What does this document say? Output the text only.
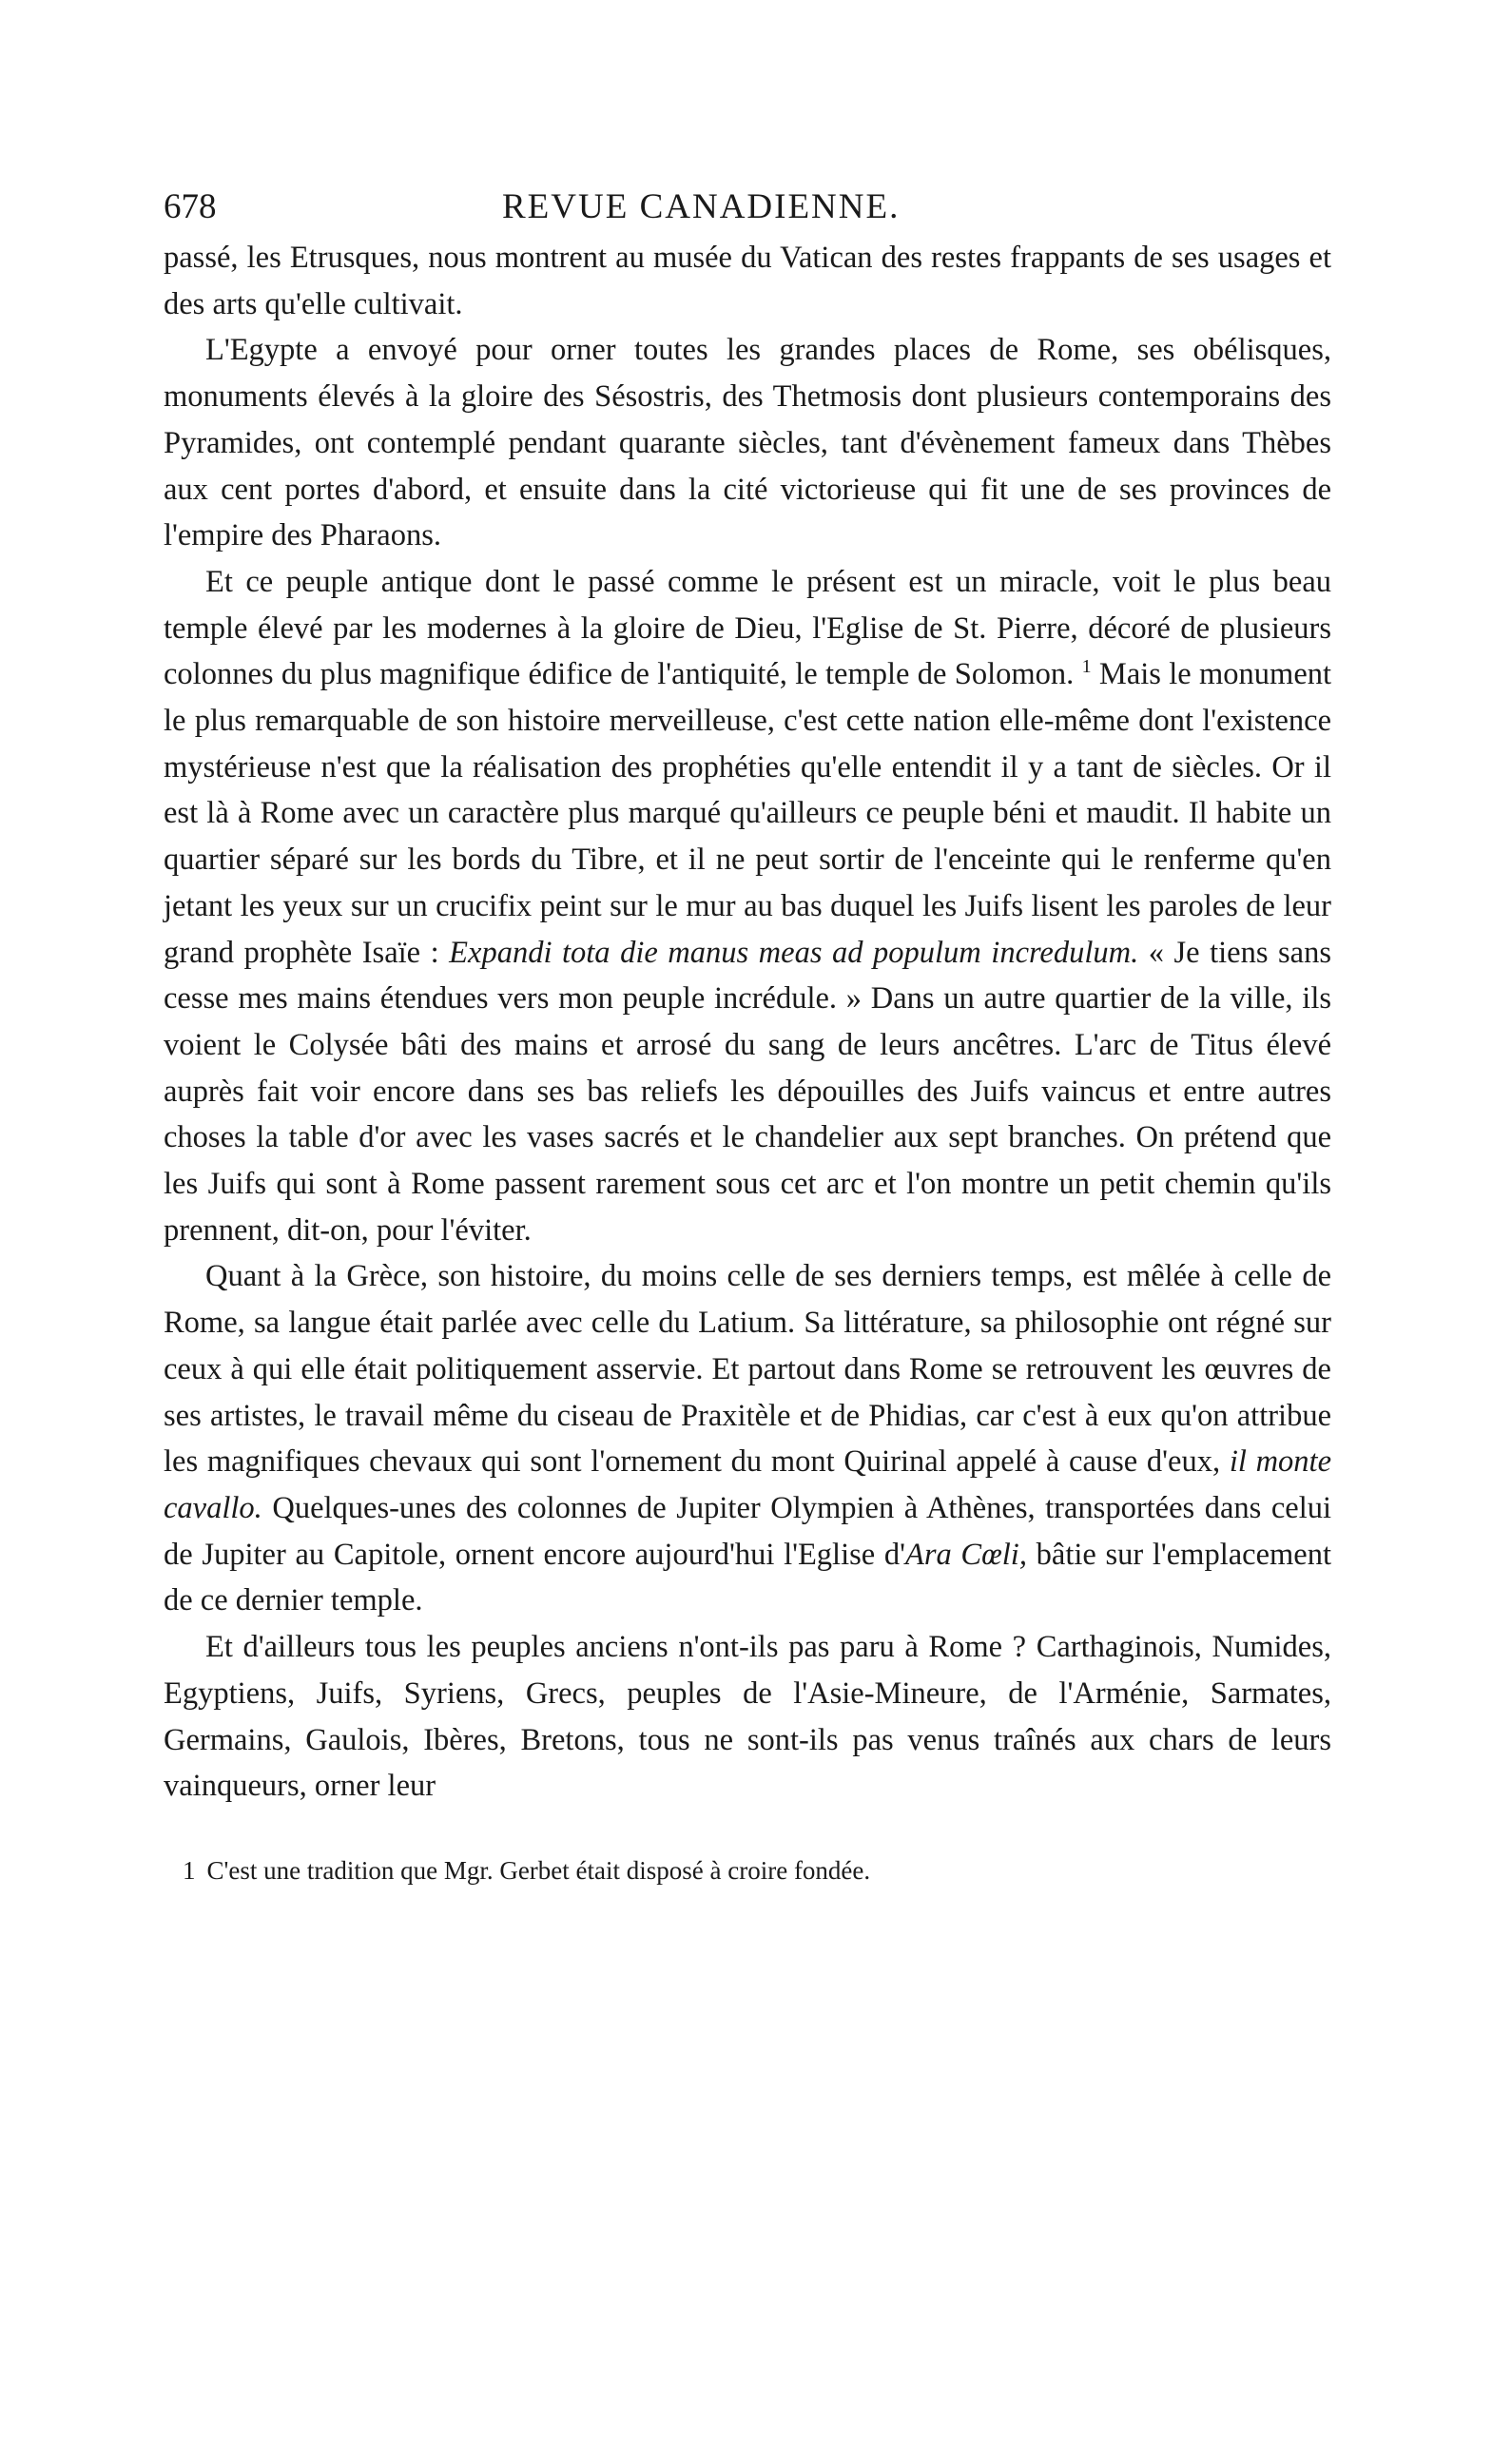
678	REVUE CANADIENNE.

passé, les Etrusques, nous montrent au musée du Vatican des restes frappants de ses usages et des arts qu'elle cultivait.

L'Egypte a envoyé pour orner toutes les grandes places de Rome, ses obélisques, monuments élevés à la gloire des Sésostris, des Thetmosis dont plusieurs contemporains des Pyramides, ont contemplé pendant quarante siècles, tant d'évènement fameux dans Thèbes aux cent portes d'abord, et ensuite dans la cité victorieuse qui fit une de ses provinces de l'empire des Pharaons.

Et ce peuple antique dont le passé comme le présent est un miracle, voit le plus beau temple élevé par les modernes à la gloire de Dieu, l'Eglise de St. Pierre, décoré de plusieurs colonnes du plus magnifique édifice de l'antiquité, le temple de Solomon. $^1$ Mais le monument le plus remarquable de son histoire merveilleuse, c'est cette nation elle-même dont l'existence mystérieuse n'est que la réalisation des prophéties qu'elle entendit il y a tant de siècles. Or il est là à Rome avec un caractère plus marqué qu'ailleurs ce peuple béni et maudit. Il habite un quartier séparé sur les bords du Tibre, et il ne peut sortir de l'enceinte qui le renferme qu'en jetant les yeux sur un crucifix peint sur le mur au bas duquel les Juifs lisent les paroles de leur grand prophète Isaïe : Expandi tota die manus meas ad populum incredulum. « Je tiens sans cesse mes mains étendues vers mon peuple incrédule. » Dans un autre quartier de la ville, ils voient le Colysée bâti des mains et arrosé du sang de leurs ancêtres. L'arc de Titus élevé auprès fait voir encore dans ses bas reliefs les dépouilles des Juifs vaincus et entre autres choses la table d'or avec les vases sacrés et le chandelier aux sept branches. On prétend que les Juifs qui sont à Rome passent rarement sous cet arc et l'on montre un petit chemin qu'ils prennent, dit-on, pour l'éviter.

Quant à la Grèce, son histoire, du moins celle de ses derniers temps, est mêlée à celle de Rome, sa langue était parlée avec celle du Latium. Sa littérature, sa philosophie ont régné sur ceux à qui elle était politiquement asservie. Et partout dans Rome se retrouvent les œuvres de ses artistes, le travail même du ciseau de Praxitèle et de Phidias, car c'est à eux qu'on attribue les magnifiques chevaux qui sont l'ornement du mont Quirinal appelé à cause d'eux, il monte cavallo. Quelques-unes des colonnes de Jupiter Olympien à Athènes, transportées dans celui de Jupiter au Capitole, ornent encore aujourd'hui l'Eglise d'Ara Cœli, bâtie sur l'emplacement de ce dernier temple.

Et d'ailleurs tous les peuples anciens n'ont-ils pas paru à Rome ? Carthaginois, Numides, Egyptiens, Juifs, Syriens, Grecs, peuples de l'Asie-Mineure, de l'Arménie, Sarmates, Germains, Gaulois, Ibères, Bretons, tous ne sont-ils pas venus traînés aux chars de leurs vainqueurs, orner leur

1 C'est une tradition que Mgr. Gerbet était disposé à croire fondée.
